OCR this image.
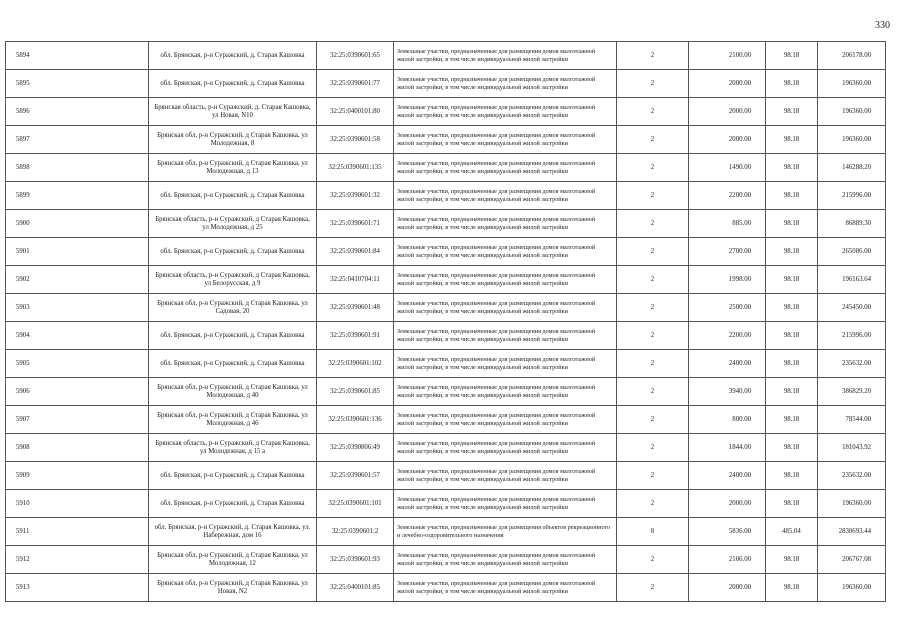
330
5894	обл. Брянская, р-н Суражский, д. Старая Кашовка	32:25:0390601:65	Земельные участки, предназначенные для размещения домов малоэтажной жилой застройки, в том числе индивидуальной жилой застройки	2	2100.00	98.18	206178.00
5895	обл. Брянская, р-н Суражский, д. Старая Кашовка	32:25:0390601:77	Земельные участки, предназначенные для размещения домов малоэтажной жилой застройки, в том числе индивидуальной жилой застройки	2	2000.00	98.18	196360.00
5896	Брянская область, р-н Суражский, д. Старая Кашовка, ул Новая, N10	32:25:0400101:80	Земельные участки, предназначенные для размещения домов малоэтажной жилой застройки, в том числе индивидуальной жилой застройки	2	2000.00	98.18	196360.00
5897	Брянская обл, р-н Суражский, д Старая Кашовка, ул Молодежная, 8	32:25:0390601:58	Земельные участки, предназначенные для размещения домов малоэтажной жилой застройки, в том числе индивидуальной жилой застройки	2	2000.00	98.18	196360.00
5898	Брянская обл, р-н Суражский, д Старая Кашовка, ул Молодежная, д 13	32:25:0390601:135	Земельные участки, предназначенные для размещения домов малоэтажной жилой застройки, в том числе индивидуальной жилой застройки	2	1490.00	98.18	146288.20
5899	обл. Брянская, р-н Суражский, д. Старая Кашовка	32:25:0390601:32	Земельные участки, предназначенные для размещения домов малоэтажной жилой застройки, в том числе индивидуальной жилой застройки	2	2200.00	98.18	215996.00
5900	Брянская область, р-н Суражский, д Старая Кашовка, ул Молодежная, д 25	32:25:0390601:71	Земельные участки, предназначенные для размещения домов малоэтажной жилой застройки, в том числе индивидуальной жилой застройки	2	885.00	98.18	86889.30
5901	обл. Брянская, р-н Суражский, д. Старая Кашовка	32:25:0390601:84	Земельные участки, предназначенные для размещения домов малоэтажной жилой застройки, в том числе индивидуальной жилой застройки	2	2700.00	98.18	265086.00
5902	Брянская область, р-н Суражский, д Старая Кашовка, ул Белорусская, д 9	32:25:0410704:11	Земельные участки, предназначенные для размещения домов малоэтажной жилой застройки, в том числе индивидуальной жилой застройки	2	1998.00	98.18	196163.64
5903	Брянская обл, р-н Суражский, д Старая Кашовка, ул Садовая, 20	32:25:0390601:48	Земельные участки, предназначенные для размещения домов малоэтажной жилой застройки, в том числе индивидуальной жилой застройки	2	2500.00	98.18	245450.00
5904	обл. Брянская, р-н Суражский, д. Старая Кашовка	32:25:0390601:91	Земельные участки, предназначенные для размещения домов малоэтажной жилой застройки, в том числе индивидуальной жилой застройки	2	2200.00	98.18	215996.00
5905	обл. Брянская, р-н Суражский, д. Старая Кашовка	32:25:0390601:102	Земельные участки, предназначенные для размещения домов малоэтажной жилой застройки, в том числе индивидуальной жилой застройки	2	2400.00	98.18	235632.00
5906	Брянская обл, р-н Суражский, д Старая Кашовка, ул Молодежная, д 40	32:25:0390601:85	Земельные участки, предназначенные для размещения домов малоэтажной жилой застройки, в том числе индивидуальной жилой застройки	2	3940.00	98.18	386829.20
5907	Брянская обл, р-н Суражский, д Старая Кашовка, ул Молодежная, д 46	32:25:0390601:136	Земельные участки, предназначенные для размещения домов малоэтажной жилой застройки, в том числе индивидуальной жилой застройки	2	800.00	98.18	78544.00
5908	Брянская область, р-н Суражский, д Старая Кашовка, ул Молодежная, д 15 а	32:25:0390806:49	Земельные участки, предназначенные для размещения домов малоэтажной жилой застройки, в том числе индивидуальной жилой застройки	2	1844.00	98.18	181043.92
5909	обл. Брянская, р-н Суражский, д. Старая Кашовка	32:25:0390601:57	Земельные участки, предназначенные для размещения домов малоэтажной жилой застройки, в том числе индивидуальной жилой застройки	2	2400.00	98.18	235632.00
5910	обл. Брянская, р-н Суражский, д. Старая Кашовка	32:25:0390601:101	Земельные участки, предназначенные для размещения домов малоэтажной жилой застройки, в том числе индивидуальной жилой застройки	2	2000.00	98.18	196360.00
5911	обл. Брянская, р-н Суражский, д. Старая Кашовка, ул. Набережная, дом 16	32:25:0390601:2	Земельные участки, предназначенные для размещения объектов рекреационного и лечебно-оздоровительного назначения	8	5836.00	485.04	2830693.44
5912	Брянская обл, р-н Суражский, д Старая Кашовка, ул Молодежная, 12	32:25:0390601:93	Земельные участки, предназначенные для размещения домов малоэтажной жилой застройки, в том числе индивидуальной жилой застройки	2	2106.00	98.18	206767.08
5913	Брянская обл, р-н Суражский, д Старая Кашовка, ул Новая, N2	32:25:0400101:85	Земельные участки, предназначенные для размещения домов малоэтажной жилой застройки, в том числе индивидуальной жилой застройки	2	2000.00	98.18	196360.00
